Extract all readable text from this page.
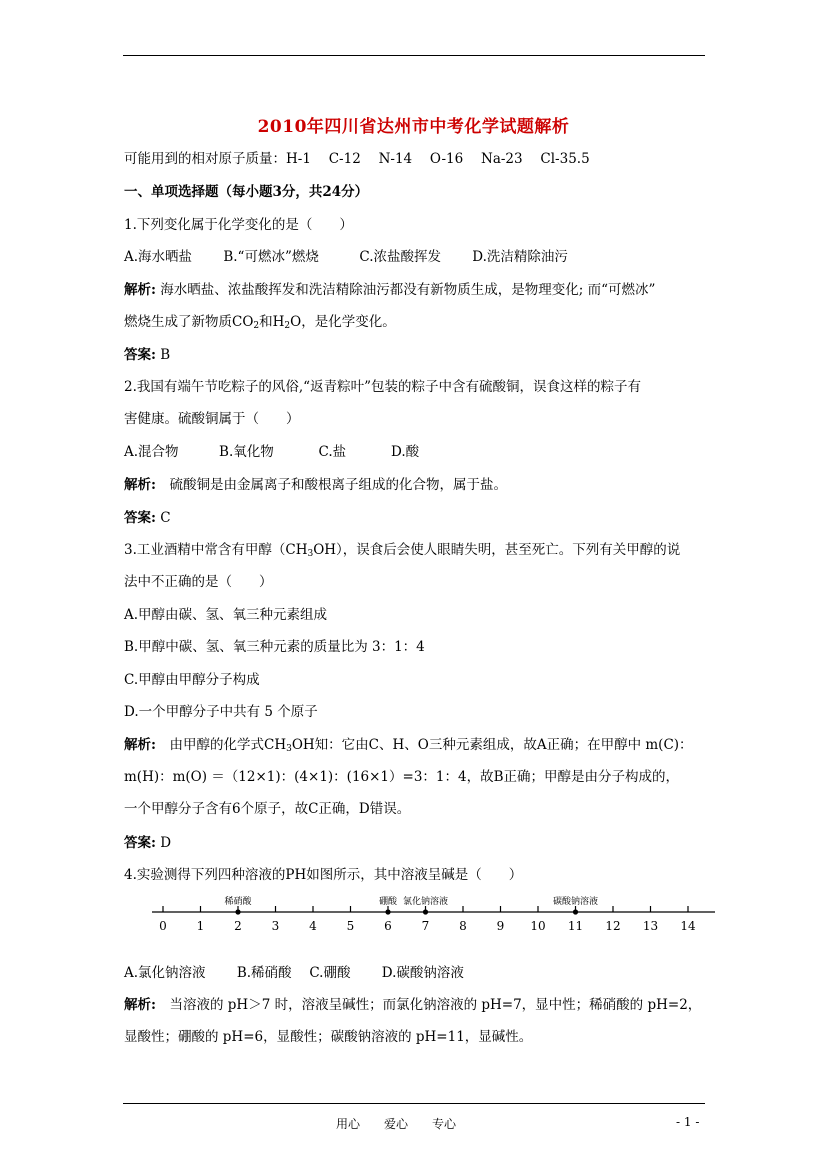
2010年四川省达州市中考化学试题解析
可能用到的相对原子质量：H-1　 C-12　 N-14　 O-16　 Na-23　 Cl-35.5
一、单项选择题（每小题3分，共24分）
1.下列变化属于化学变化的是（　　）
A.海水晒盐　　 B.“可燃冰”燃烧　　　C.浓盐酸挥发　　 D.洗洁精除油污
解析: 海水晒盐、浓盐酸挥发和洗洁精除油污都没有新物质生成，是物理变化; 而“可燃冰”
燃烧生成了新物质$CO_2$和$H_2O$，是化学变化。
答案: B
2.我国有端午节吃粽子的风俗,“返青粽叶”包装的粽子中含有硫酸铜，误食这样的粽子有
害健康。硫酸铜属于（　　）
A.混合物　　　B.氧化物　　　 C.盐　　　 D.酸
解析:　硫酸铜是由金属离子和酸根离子组成的化合物，属于盐。
答案: C
3.工业酒精中常含有甲醇$(CH_3OH)$，误食后会使人眼睛失明，甚至死亡。下列有关甲醇的说
法中不正确的是（　　）
A.甲醇由碳、氢、氧三种元素组成
B.甲醇中碳、氢、氧三种元素的质量比为 3：1：4
C.甲醇由甲醇分子构成
D.一个甲醇分子中共有 5 个原子
解析:　由甲醇的化学式$CH_3OH$知：它由C、H、O三种元素组成，故A正确；在甲醇中 m(C)：
m(H)：m(O) ＝（12×1)：(4×1)：(16×1）=3：1：4，故B正确；甲醇是由分子构成的，
一个甲醇分子含有6个原子，故C正确，D错误。
答案: D
4.实验测得下列四种溶液的PH如图所示，其中溶液呈碱是（　　）
0 1 2 3 4 5 6 7 8 9 10 11 12 13 14
稀硝酸	硼酸 氯化钠溶液	碳酸钠溶液
A.氯化钠溶液　　 B.稀硝酸　 C.硼酸　　 D.碳酸钠溶液
解析:　当溶液的 pH＞7 时，溶液呈碱性；而氯化钠溶液的 pH=7，显中性；稀硝酸的 pH=2，
显酸性；硼酸的 pH=6，显酸性；碳酸钠溶液的 pH=11，显碱性。
用心　　爱心　　专心	- 1 -
